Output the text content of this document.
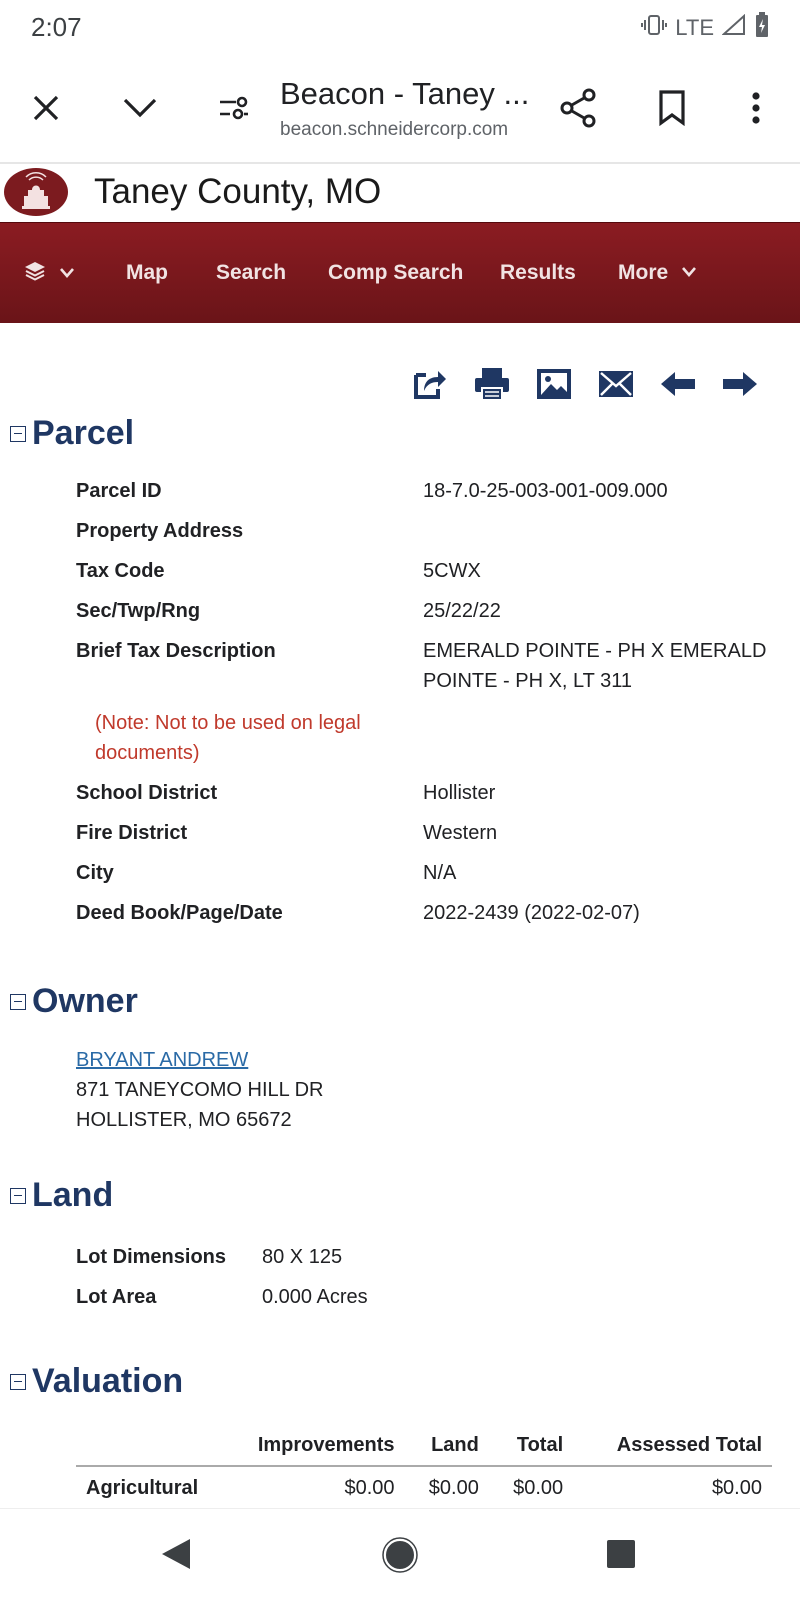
2:07	LTE
Beacon - Taney ...
beacon.schneidercorp.com
Taney County, MO
Map Search Comp Search Results More
Parcel
Parcel ID	18-7.0-25-003-001-009.000
Property Address
Tax Code	5CWX
Sec/Twp/Rng	25/22/22
Brief Tax Description	EMERALD POINTE - PH X EMERALD
POINTE - PH X, LT 311
(Note: Not to be used on legal
documents)
School District	Hollister
Fire District	Western
City	N/A
Deed Book/Page/Date	2022-2439 (2022-02-07)
Owner
BRYANT ANDREW
871 TANEYCOMO HILL DR
HOLLISTER, MO 65672
Land
Lot Dimensions 80 X 125
Lot Area	0.000 Acres
Valuation
	Improvements	Land	Total	Assessed Total
Agricultural	$0.00	$0.00	$0.00	$0.00
